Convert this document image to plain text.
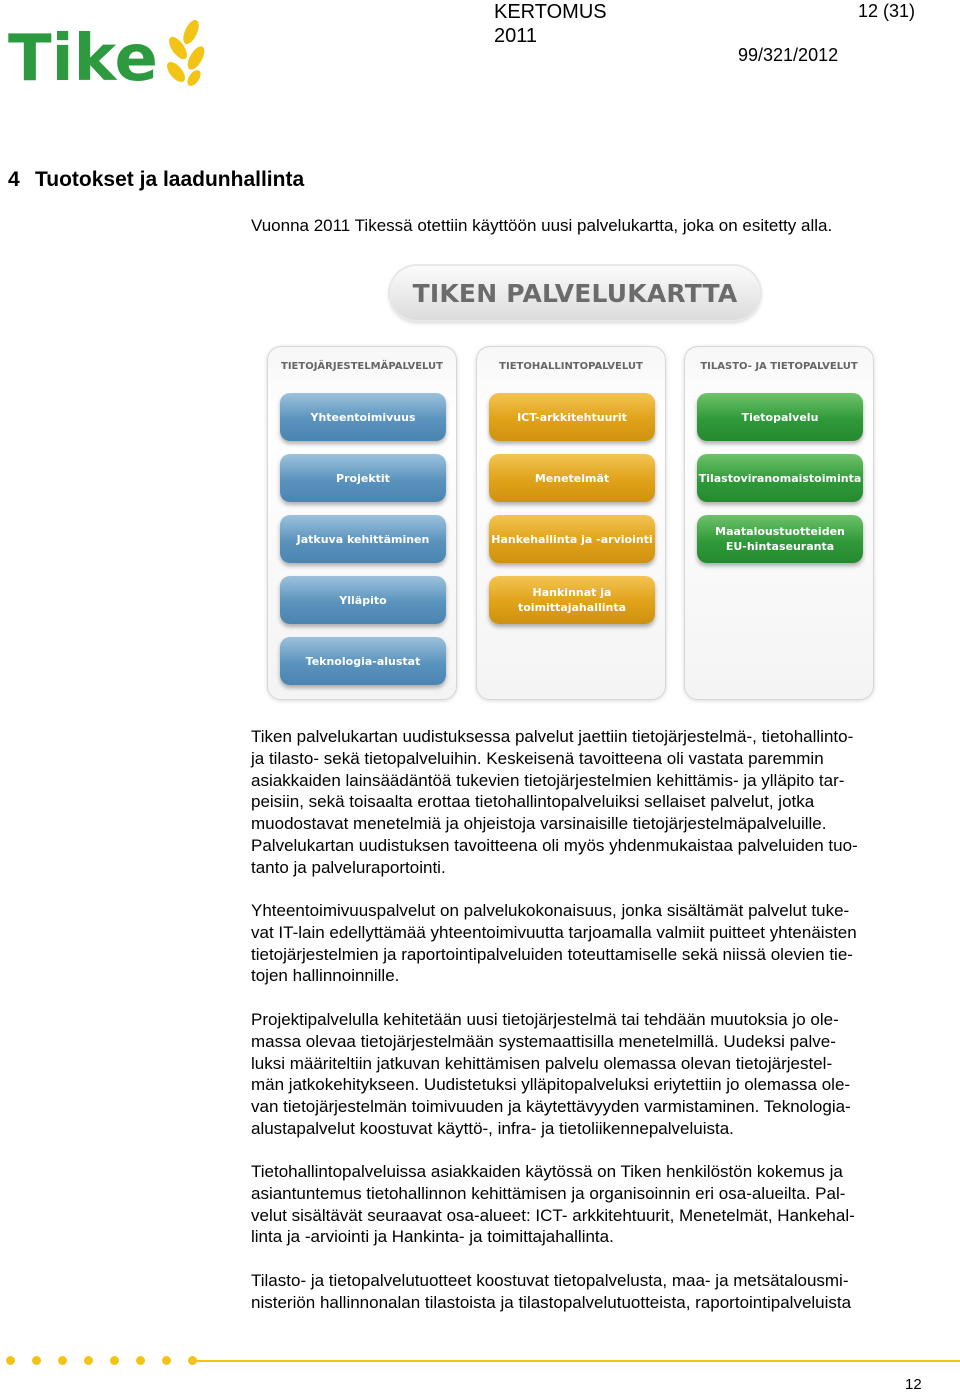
Tike
KERTOMUS
2011
12 (31)
99/321/2012
4 Tuotokset ja laadunhallinta
Vuonna 2011 Tikessä otettiin käyttöön uusi palvelukartta, joka on esitetty alla.
TIKEN PALVELUKARTTA
TIETOJÄRJESTELMÄPALVELUT
Yhteentoimivuus
Projektit
Jatkuva kehittäminen
Ylläpito
Teknologia-alustat
TIETOHALLINTOPALVELUT
ICT-arkkitehtuurit
Menetelmät
Hankehallinta ja -arviointi
Hankinnat ja toimittajahallinta
TILASTO- JA TIETOPALVELUT
Tietopalvelu
Tilastoviranomaistoiminta
Maataloustuotteiden EU-hintaseuranta

Tiken palvelukartan uudistuksessa palvelut jaettiin tietojärjestelmä-, tietohallinto-
ja tilasto- sekä tietopalveluihin. Keskeisenä tavoitteena oli vastata paremmin
asiakkaiden lainsäädäntöä tukevien tietojärjestelmien kehittämis- ja ylläpito tar-
peisiin, sekä toisaalta erottaa tietohallintopalveluiksi sellaiset palvelut, jotka
muodostavat menetelmiä ja ohjeistoja varsinaisille tietojärjestelmäpalveluille.
Palvelukartan uudistuksen tavoitteena oli myös yhdenmukaistaa palveluiden tuo-
tanto ja palveluraportointi.

Yhteentoimivuuspalvelut on palvelukokonaisuus, jonka sisältämät palvelut tuke-
vat IT-lain edellyttämää yhteentoimivuutta tarjoamalla valmiit puitteet yhtenäisten
tietojärjestelmien ja raportointipalveluiden toteuttamiselle sekä niissä olevien tie-
tojen hallinnoinnille.

Projektipalvelulla kehitetään uusi tietojärjestelmä tai tehdään muutoksia jo ole-
massa olevaa tietojärjestelmään systemaattisilla menetelmillä. Uudeksi palve-
luksi määriteltiin jatkuvan kehittämisen palvelu olemassa olevan tietojärjestel-
män jatkokehitykseen. Uudistetuksi ylläpitopalveluksi eriytettiin jo olemassa ole-
van tietojärjestelmän toimivuuden ja käytettävyyden varmistaminen. Teknologia-
alustapalvelut koostuvat käyttö-, infra- ja tietoliikennepalveluista.

Tietohallintopalveluissa asiakkaiden käytössä on Tiken henkilöstön kokemus ja
asiantuntemus tietohallinnon kehittämisen ja organisoinnin eri osa-alueilta. Pal-
velut sisältävät seuraavat osa-alueet: ICT- arkkitehtuurit, Menetelmät, Hankehal-
linta ja -arviointi ja Hankinta- ja toimittajahallinta.

Tilasto- ja tietopalvelutuotteet koostuvat tietopalvelusta, maa- ja metsätalousmi-
nisteriön hallinnonalan tilastoista ja tilastopalvelutuotteista, raportointipalveluista

12
